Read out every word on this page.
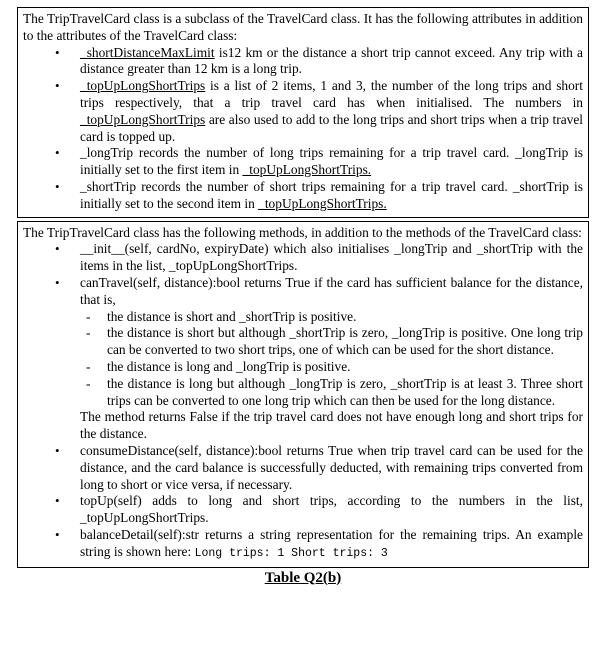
The TripTravelCard class is a subclass of the TravelCard class. It has the following attributes in addition to the attributes of the TravelCard class:

• _shortDistanceMaxLimit is12 km or the distance a short trip cannot exceed. Any trip with a distance greater than 12 km is a long trip.
• _topUpLongShortTrips is a list of 2 items, 1 and 3, the number of the long trips and short trips respectively, that a trip travel card has when initialised. The numbers in _topUpLongShortTrips are also used to add to the long trips and short trips when a trip travel card is topped up.
• _longTrip records the number of long trips remaining for a trip travel card. _longTrip is initially set to the first item in _topUpLongShortTrips.
• _shortTrip records the number of short trips remaining for a trip travel card. _shortTrip is initially set to the second item in _topUpLongShortTrips.

The TripTravelCard class has the following methods, in addition to the methods of the TravelCard class:

• __init__(self, cardNo, expiryDate) which also initialises _longTrip and _shortTrip with the items in the list, _topUpLongShortTrips.
• canTravel(self, distance):bool returns True if the card has sufficient balance for the distance, that is,
- the distance is short and _shortTrip is positive.
- the distance is short but although _shortTrip is zero, _longTrip is positive. One long trip can be converted to two short trips, one of which can be used for the short distance.
- the distance is long and _longTrip is positive.
- the distance is long but although _longTrip is zero, _shortTrip is at least 3. Three short trips can be converted to one long trip which can then be used for the long distance.

The method returns False if the trip travel card does not have enough long and short trips for the distance.

• consumeDistance(self, distance):bool returns True when trip travel card can be used for the distance, and the card balance is successfully deducted, with remaining trips converted from long to short or vice versa, if necessary.
• topUp(self) adds to long and short trips, according to the numbers in the list, _topUpLongShortTrips.
• balanceDetail(self):str returns a string representation for the remaining trips. An example string is shown here: Long trips: 1 Short trips: 3
Table Q2(b)
